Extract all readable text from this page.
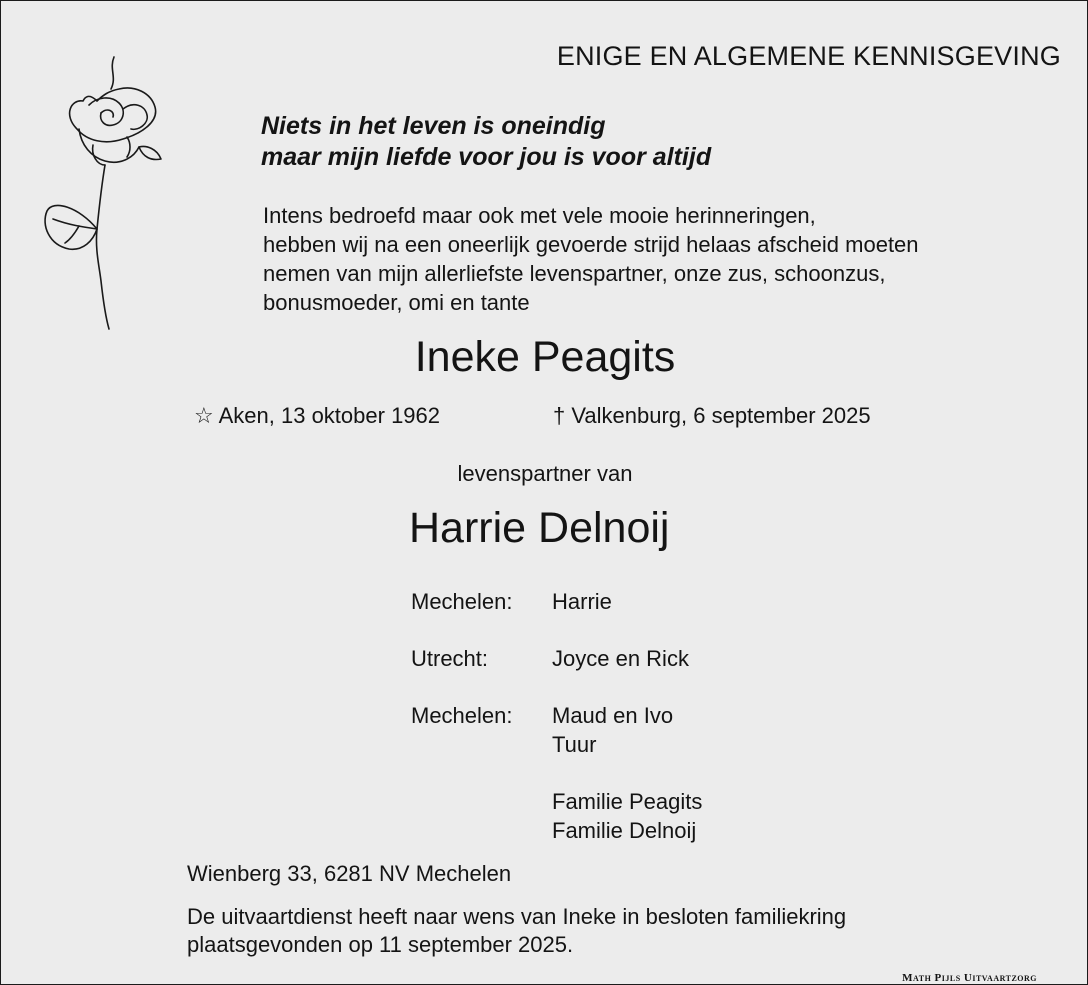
ENIGE EN ALGEMENE KENNISGEVING

Niets in het leven is oneindig
maar mijn liefde voor jou is voor altijd
Intens bedroefd maar ook met vele mooie herinneringen,
hebben wij na een oneerlijk gevoerde strijd helaas afscheid moeten
nemen van mijn allerliefste levenspartner, onze zus, schoonzus,
bonusmoeder, omi en tante

Ineke Peagits

☆ Aken, 13 oktober 1962	† Valkenburg, 6 september 2025

levenspartner van

Harrie Delnoij

Mechelen:	Harrie
Utrecht:	Joyce en Rick
Mechelen:	Maud en Ivo
Tuur
Familie Peagits
Familie Delnoij

Wienberg 33, 6281 NV Mechelen

De uitvaartdienst heeft naar wens van Ineke in besloten familiekring
plaatsgevonden op 11 september 2025.

Math Pijls Uitvaartzorg
